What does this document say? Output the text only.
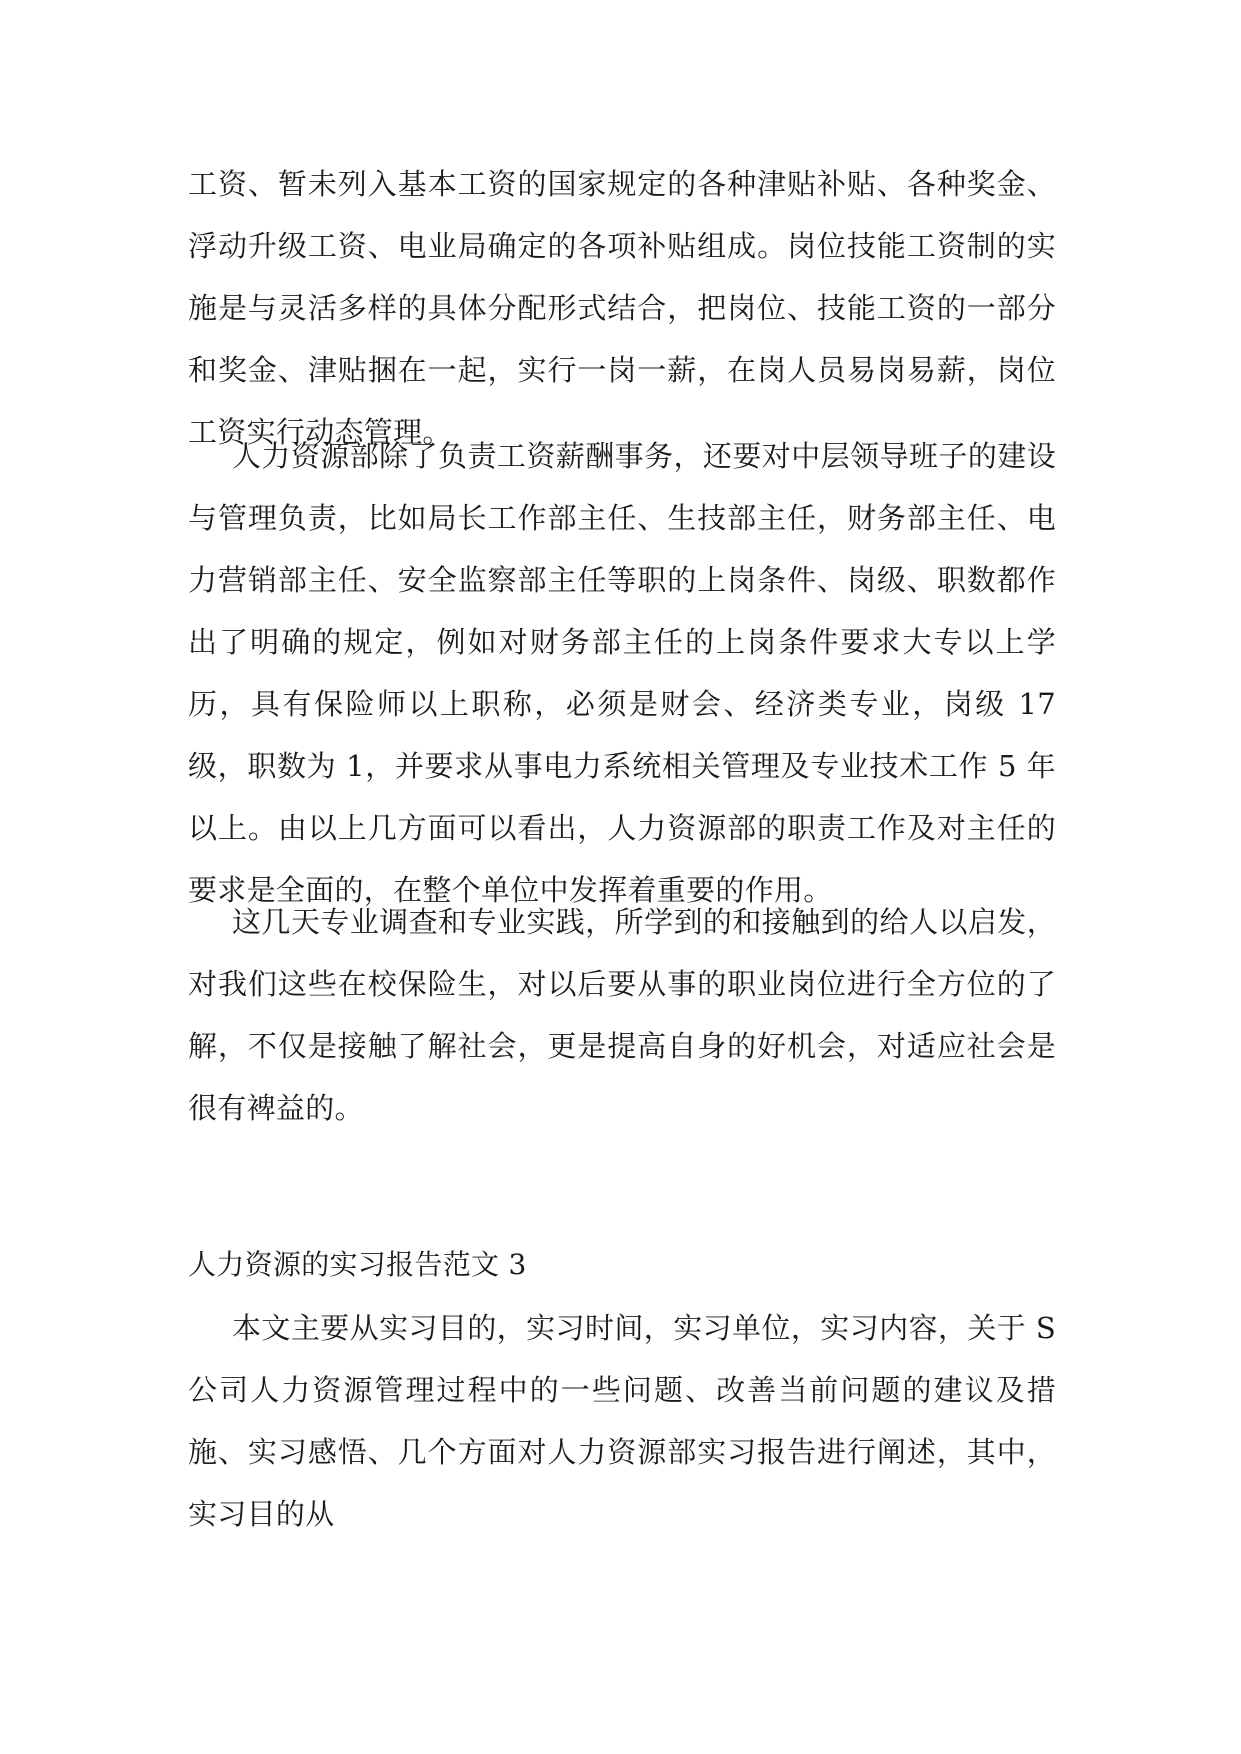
工资、暂未列入基本工资的国家规定的各种津贴补贴、各种奖金、浮动升级工资、电业局确定的各项补贴组成。岗位技能工资制的实施是与灵活多样的具体分配形式结合，把岗位、技能工资的一部分和奖金、津贴捆在一起，实行一岗一薪，在岗人员易岗易薪，岗位工资实行动态管理。

人力资源部除了负责工资薪酬事务，还要对中层领导班子的建设与管理负责，比如局长工作部主任、生技部主任，财务部主任、电力营销部主任、安全监察部主任等职的上岗条件、岗级、职数都作出了明确的规定，例如对财务部主任的上岗条件要求大专以上学历，具有保险师以上职称，必须是财会、经济类专业，岗级 17 级，职数为 1，并要求从事电力系统相关管理及专业技术工作 5 年以上。由以上几方面可以看出，人力资源部的职责工作及对主任的要求是全面的，在整个单位中发挥着重要的作用。

这几天专业调查和专业实践，所学到的和接触到的给人以启发，对我们这些在校保险生，对以后要从事的职业岗位进行全方位的了解，不仅是接触了解社会，更是提高自身的好机会，对适应社会是很有裨益的。

人力资源的实习报告范文 3

本文主要从实习目的，实习时间，实习单位，实习内容，关于 S 公司人力资源管理过程中的一些问题、改善当前问题的建议及措施、实习感悟、几个方面对人力资源部实习报告进行阐述，其中，实习目的从
